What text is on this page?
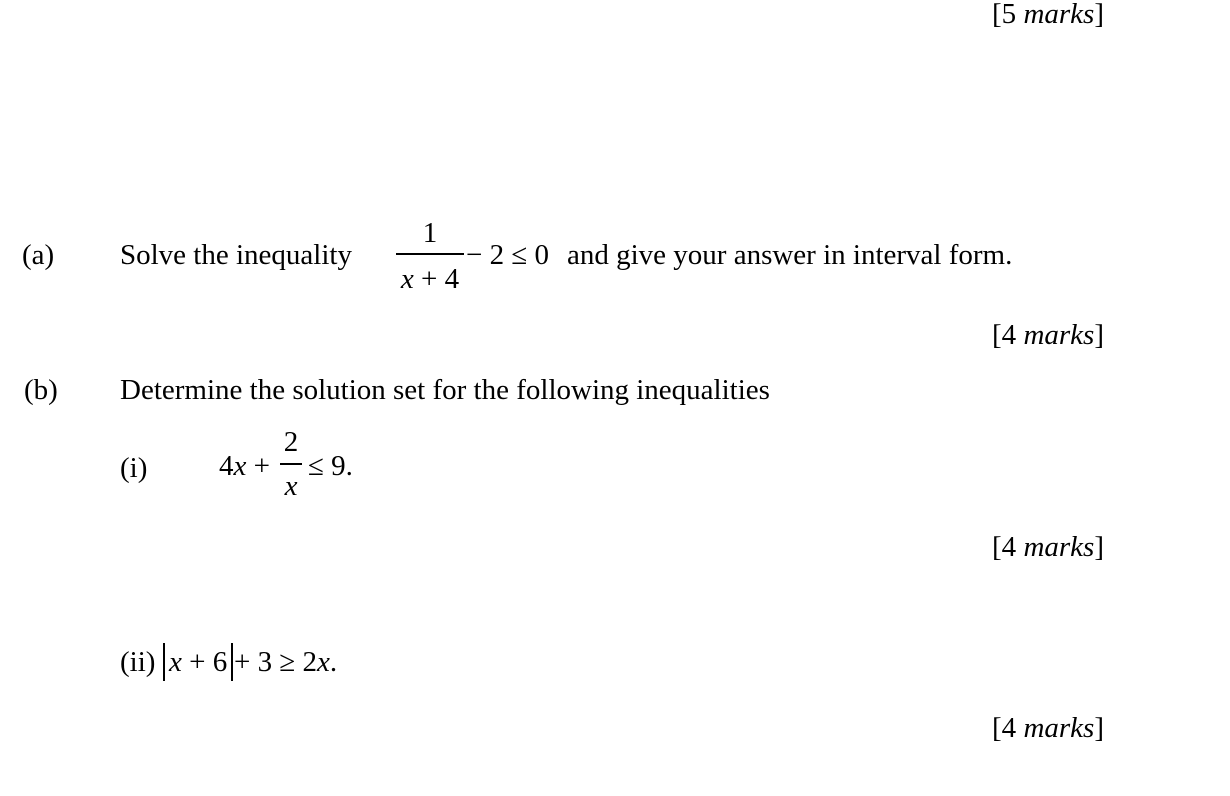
[5 marks]
(a) Solve the inequality
1
x + 4
− 2 ≤ 0 and give your answer in interval form.
[4 marks]
(b) Determine the solution set for the following inequalities
(i) 4x +
2
x
≤ 9.
[4 marks]
(ii) x + 6 + 3 ≥ 2x.
[4 marks]
